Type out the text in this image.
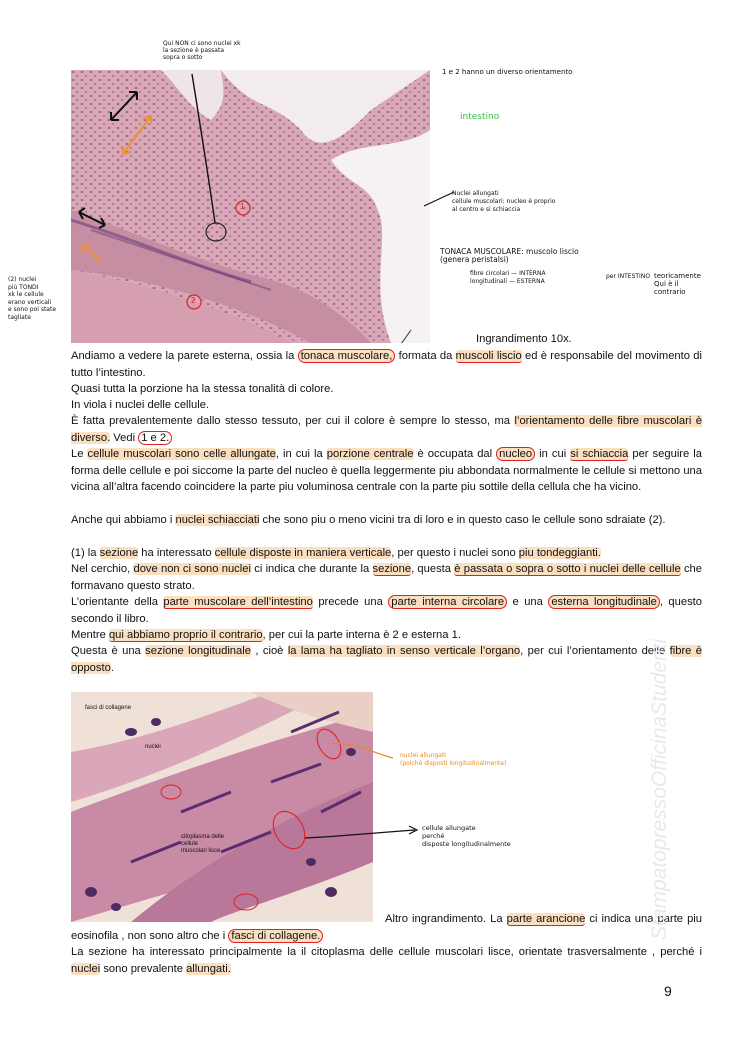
Qui NON ci sono nuclei xk
la sezione è passata
sopra o sotto
1
2
1 e 2 hanno un diverso orientamento
intestino
Nuclei allungati
cellule muscolari: nucleo è proprio
al centro e si schiaccia
TONACA MUSCOLARE: muscolo liscio
(genera peristalsi)
fibre circolari — INTERNA
longitudinali — ESTERNA
per INTESTINO teoricamente
Qui è il
contrario
(2) nuclei
più TONDI
xk le cellule
erano verticali
e sono poi state
tagliate
Ingrandimento 10x.
Andiamo a vedere la parete esterna, ossia la tonaca muscolare, formata da muscoli liscio ed è responsabile del movimento di tutto l’intestino.
Quasi tutta la porzione ha la stessa tonalità di colore.
In viola i nuclei delle cellule.
È fatta prevalentemente dallo stesso tessuto, per cui il colore è sempre lo stesso, ma l’orientamento delle fibre muscolari è diverso. Vedi 1 e 2.
Le cellule muscolari sono celle allungate, in cui la porzione centrale è occupata dal nucleo in cui si schiaccia per seguire la forma delle cellule e poi siccome la parte del nucleo è quella leggermente piu abbondata normalmente le cellule si mettono una vicina all’altra facendo coincidere la parte piu voluminosa centrale con la parte piu sottile della cellula che ha vicino.
Anche qui abbiamo i nuclei schiacciati che sono piu o meno vicini tra di loro e in questo caso le cellule sono sdraiate (2).
(1) la sezione ha interessato cellule disposte in maniera verticale, per questo i nuclei sono piu tondeggianti.
Nel cerchio, dove non ci sono nuclei ci indica che durante la sezione, questa è passata o sopra o sotto i nuclei delle cellule che formavano questo strato.
L’orientante della parte muscolare dell’intestino precede una parte interna circolare e una esterna longitudinale , questo secondo il libro.
Mentre qui abbiamo proprio il contrario, per cui la parte interna è 2 e esterna 1.
Questa è una sezione longitudinale , cioè la lama ha tagliato in senso verticale l’organo, per cui l’orientamento delle fibre è opposto.
fasci di collagene
nuclei
citoplasma delle
cellule
muscolari lisce
nuclei allungati
(poichè disposti longitudinalmente)
cellule allungate
perché
disposte longitudinalmente
Altro ingrandimento. La parte arancione ci indica una parte piu eosinofila , non sono altro che i fasci di collagene.
La sezione ha interessato principalmente la il citoplasma delle cellule muscolari lisce, orientate trasversalmente , perché i nuclei sono prevalente allungati.
StampatopressoOfficinaStudenti
9
